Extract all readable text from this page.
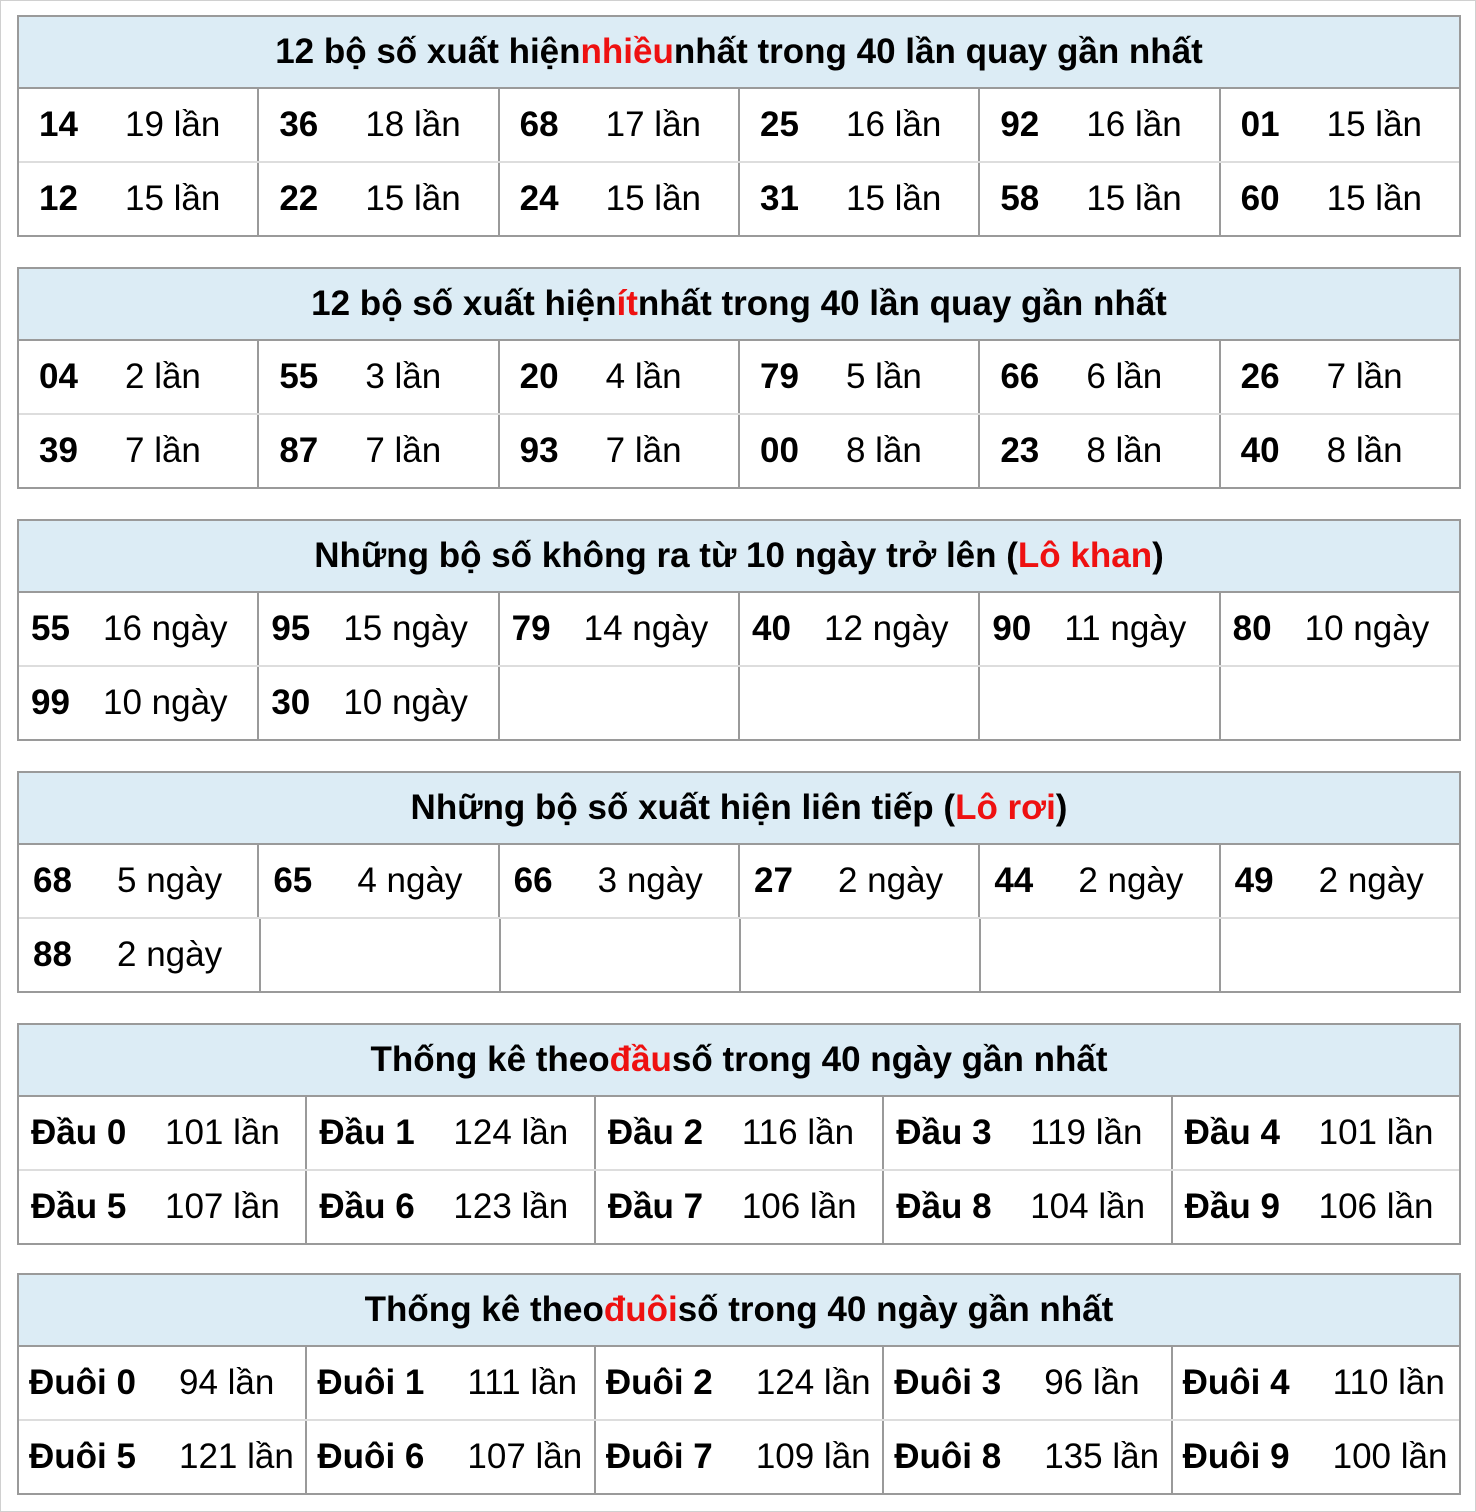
12 bộ số xuất hiện nhiều nhất trong 40 lần quay gần nhất
14	19 lần 36	18 lần 68	17 lần 25	16 lần 92	16 lần 01	15 lần
12	15 lần 22	15 lần 24	15 lần 31	15 lần 58	15 lần 60	15 lần
12 bộ số xuất hiện ít nhất trong 40 lần quay gần nhất
04	2 lần 55	3 lần 20	4 lần 79	5 lần 66	6 lần 26	7 lần
39	7 lần 87	7 lần 93	7 lần 00	8 lần 23	8 lần 40	8 lần
Những bộ số không ra từ 10 ngày trở lên ( Lô khan )
55 16 ngày 95 15 ngày 79 14 ngày 40 12 ngày 90 11 ngày 80 10 ngày
99 10 ngày 30 10 ngày
Những bộ số xuất hiện liên tiếp ( Lô rơi )
68	5 ngày 65	4 ngày 66	3 ngày 27	2 ngày 44	2 ngày 49	2 ngày
88	2 ngày
Thống kê theo đầu số trong 40 ngày gần nhất
Đầu 0	101 lần Đầu 1	124 lần Đầu 2	116 lần Đầu 3	119 lần Đầu 4	101 lần
Đầu 5	107 lần Đầu 6	123 lần Đầu 7	106 lần Đầu 8	104 lần Đầu 9	106 lần
Thống kê theo đuôi số trong 40 ngày gần nhất
Đuôi 0	94 lần Đuôi 1	111 lần Đuôi 2	124 lần Đuôi 3	96 lần Đuôi 4	110 lần
Đuôi 5	121 lần Đuôi 6	107 lần Đuôi 7	109 lần Đuôi 8	135 lần Đuôi 9	100 lần
